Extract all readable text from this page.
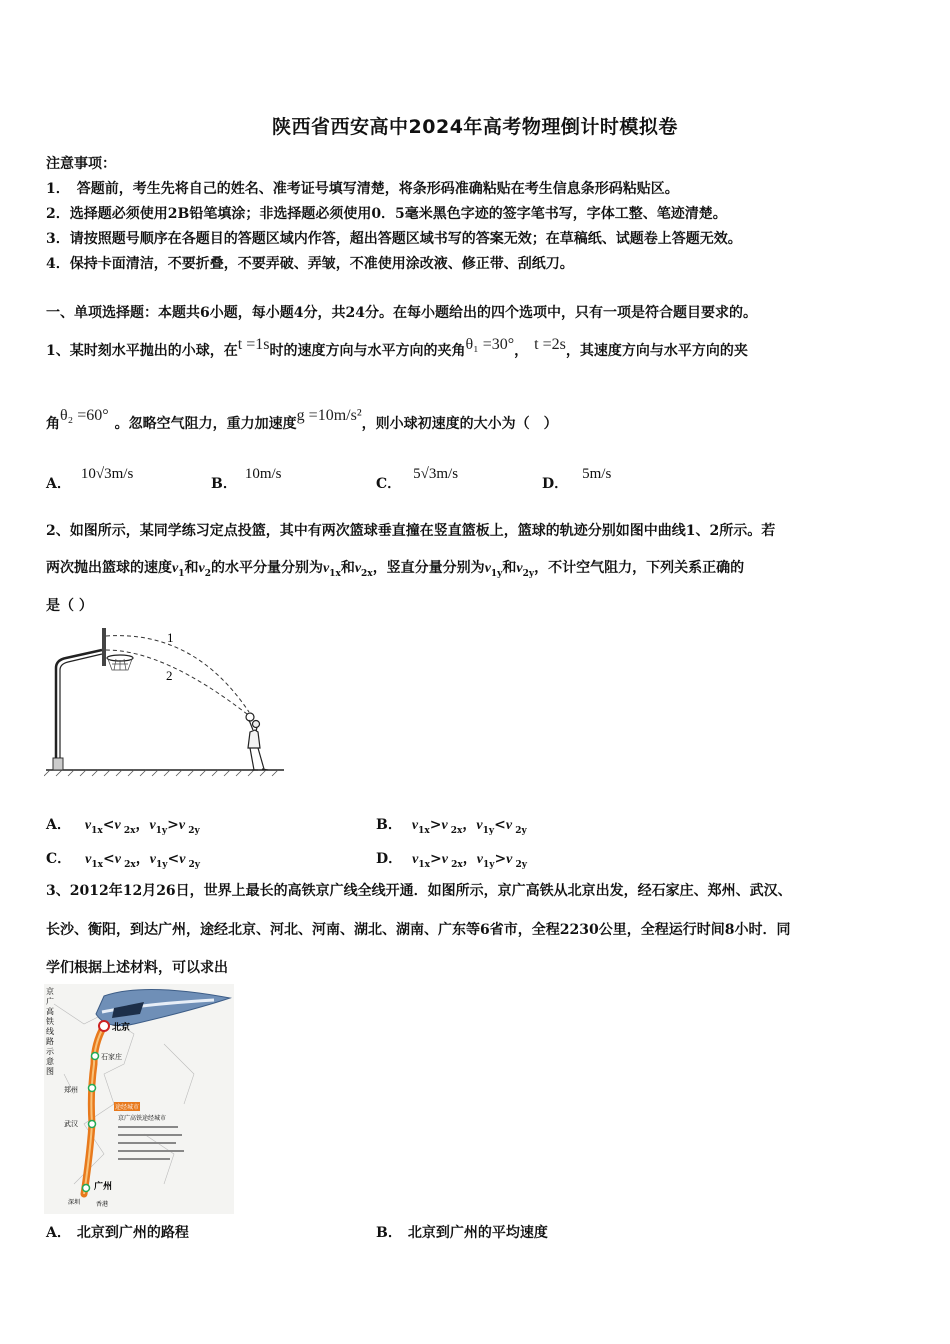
陕西省西安高中2024年高考物理倒计时模拟卷
注意事项：
1．　答题前，考生先将自己的姓名、准考证号填写清楚，将条形码准确粘贴在考生信息条形码粘贴区。
2．选择题必须使用2B铅笔填涂；非选择题必须使用0．5毫米黑色字迹的签字笔书写，字体工整、笔迹清楚。
3．请按照题号顺序在各题目的答题区域内作答，超出答题区域书写的答案无效；在草稿纸、试题卷上答题无效。
4．保持卡面清洁，不要折叠，不要弄破、弄皱，不准使用涂改液、修正带、刮纸刀。
一、单项选择题：本题共6小题，每小题4分，共24分。在每小题给出的四个选项中，只有一项是符合题目要求的。
1、某时刻水平抛出的小球，在t =1s时的速度方向与水平方向的夹角θ₁ =30°， t =2s，其速度方向与水平方向的夹
角θ₂ =60° 。忽略空气阻力，重力加速度g =10m/s²，则小球初速度的大小为（　）
A．10√3m/s
B．10m/s
C．5√3m/s
D．5m/s
2、如图所示，某同学练习定点投篮，其中有两次篮球垂直撞在竖直篮板上，篮球的轨迹分别如图中曲线1、2所示。若
两次抛出篮球的速度$v_1$和$v_2$的水平分量分别为$v_{1x}$和$v_{2x}$，竖直分量分别为$v_{1y}$和$v_{2y}$，不计空气阻力，下列关系正确的
是（ ）
1
2
A． $v_{1x}<v$ $_{2x}$，$v_{1y}>v$ $_{2y}$	B． $v_{1x}>v$ $_{2x}$，$v_{1y}<v$ $_{2y}$
C． $v_{1x}<v$ $_{2x}$，$v_{1y}<v$ $_{2y}$	D． $v_{1x}>v$ $_{2x}$，$v_{1y}>v$ $_{2y}$
3、2012年12月26日，世界上最长的高铁京广线全线开通．如图所示，京广高铁从北京出发，经石家庄、郑州、武汉、
长沙、衡阳，到达广州，途经北京、河北、河南、湖北、湖南、广东等6省市，全程2230公里，全程运行时间8小时．同
学们根据上述材料，可以求出
京
广
高
铁
线
路
示
意
图
北京
石家庄
郑州
武汉
广州
深圳	香港
途经城市
京广高铁途经城市
A． 北京到广州的路程	B． 北京到广州的平均速度
